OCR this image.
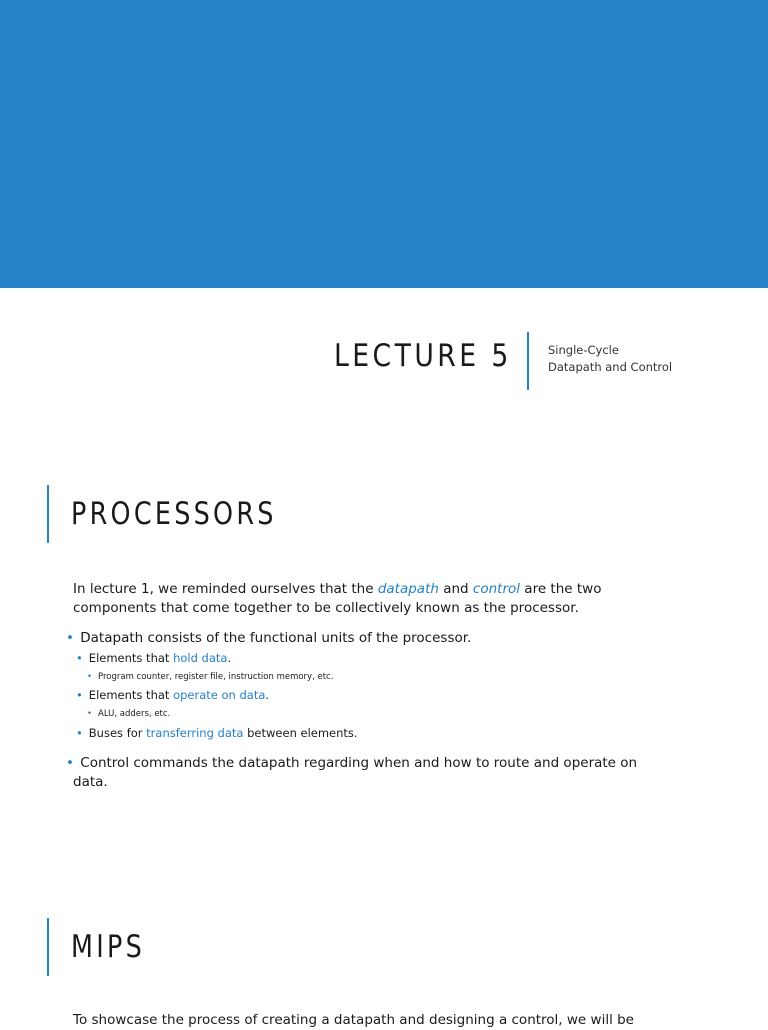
LECTURE 5	Single-Cycle
Datapath and Control
PROCESSORS
In lecture 1, we reminded ourselves that the datapath and control are the two components that come together to be collectively known as the processor.
• Datapath consists of the functional units of the processor.
• Elements that hold data.
• Program counter, register file, instruction memory, etc.
• Elements that operate on data.
• ALU, adders, etc.
• Buses for transferring data between elements.
• Control commands the datapath regarding when and how to route and operate on
data.
MIPS
To showcase the process of creating a datapath and designing a control, we will be
